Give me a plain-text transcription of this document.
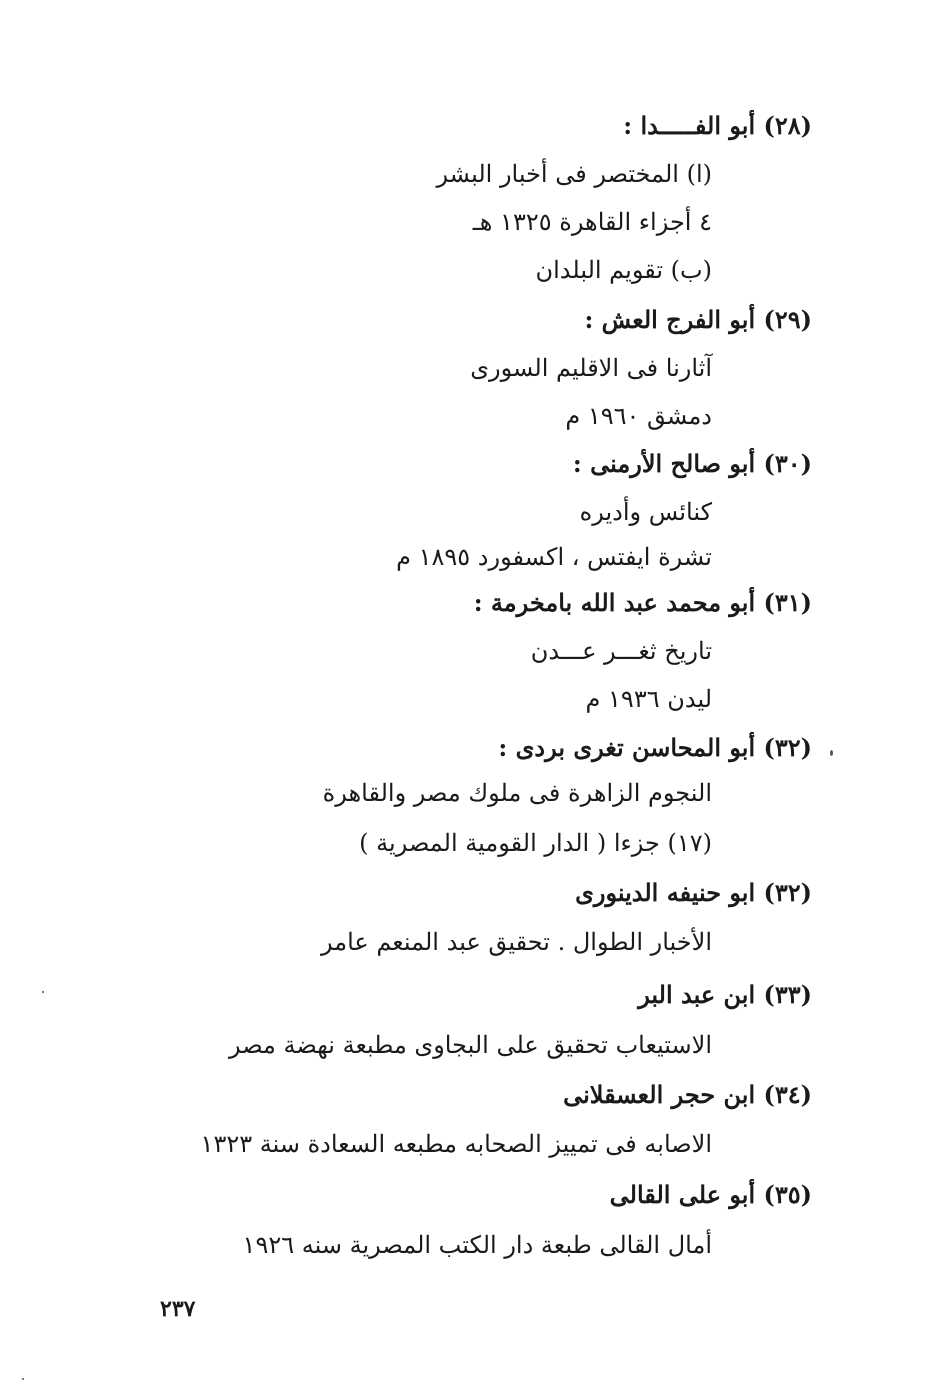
(٢٨) أبو الفـــــدا :
(ا) المختصر فى أخبار البشر
٤ أجزاء القاهرة ١٣٢٥ هـ
(ب) تقويم البلدان
(٢٩) أبو الفرج العش :
آثارنا فى الاقليم السورى
دمشق ١٩٦٠ م
(٣٠) أبو صالح الأرمنى :
كنائس وأديره
تشرة ايفتس ، اكسفورد ١٨٩٥ م
(٣١) أبو محمد عبد الله بامخرمة :
تاريخ ثغـــر عـــدن
ليدن ١٩٣٦ م
(٣٢) أبو المحاسن تغرى بردى :
النجوم الزاهرة فى ملوك مصر والقاهرة
(١٧) جزءا ( الدار القومية المصرية )
(٣٢) ابو حنيفه الدينورى
الأخبار الطوال . تحقيق عبد المنعم عامر
(٣٣) ابن عبد البر
الاستيعاب تحقيق على البجاوى مطبعة نهضة مصر
(٣٤) ابن حجر العسقلانى
الاصابه فى تمييز الصحابه مطبعه السعادة سنة ١٣٢٣
(٣٥) أبو على القالى
أمال القالى طبعة دار الكتب المصرية سنه ١٩٢٦
٢٣٧
